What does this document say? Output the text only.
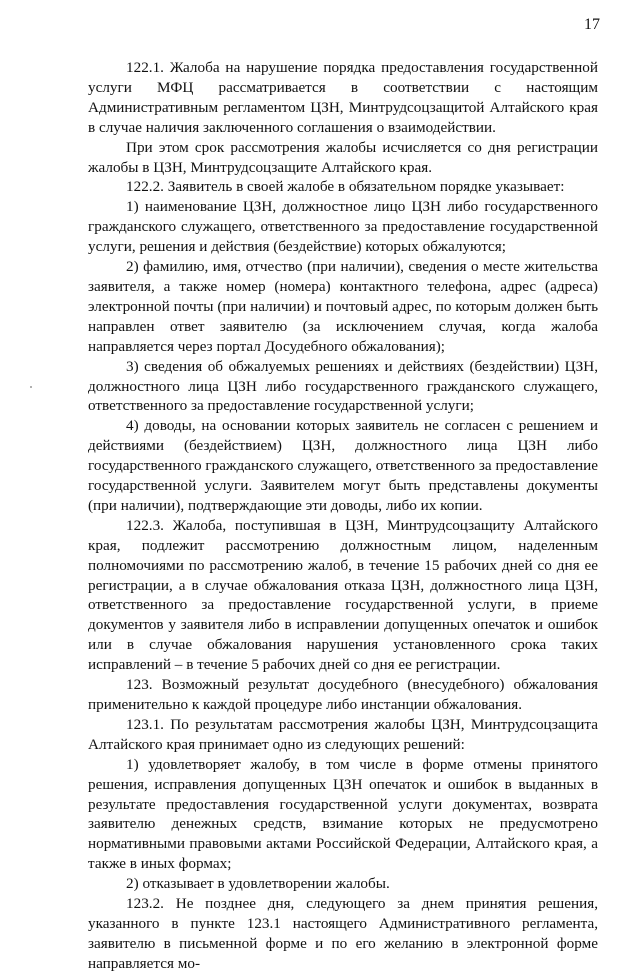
17

122.1. Жалоба на нарушение порядка предоставления государственной услуги МФЦ рассматривается в соответствии с настоящим Административным регламентом ЦЗН, Минтрудсоцзащитой Алтайского края в случае наличия заключенного соглашения о взаимодействии.

При этом срок рассмотрения жалобы исчисляется со дня регистрации жалобы в ЦЗН, Минтрудсоцзащите Алтайского края.

122.2. Заявитель в своей жалобе в обязательном порядке указывает:

1) наименование ЦЗН, должностное лицо ЦЗН либо государственного гражданского служащего, ответственного за предоставление государственной услуги, решения и действия (бездействие) которых обжалуются;

2) фамилию, имя, отчество (при наличии), сведения о месте жительства заявителя, а также номер (номера) контактного телефона, адрес (адреса) электронной почты (при наличии) и почтовый адрес, по которым должен быть направлен ответ заявителю (за исключением случая, когда жалоба направляется через портал Досудебного обжалования);

3) сведения об обжалуемых решениях и действиях (бездействии) ЦЗН, должностного лица ЦЗН либо государственного гражданского служащего, ответственного за предоставление государственной услуги;

4) доводы, на основании которых заявитель не согласен с решением и действиями (бездействием) ЦЗН, должностного лица ЦЗН либо государственного гражданского служащего, ответственного за предоставление государственной услуги. Заявителем могут быть представлены документы (при наличии), подтверждающие эти доводы, либо их копии.

122.3. Жалоба, поступившая в ЦЗН, Минтрудсоцзащиту Алтайского края, подлежит рассмотрению должностным лицом, наделенным полномочиями по рассмотрению жалоб, в течение 15 рабочих дней со дня ее регистрации, а в случае обжалования отказа ЦЗН, должностного лица ЦЗН, ответственного за предоставление государственной услуги, в приеме документов у заявителя либо в исправлении допущенных опечаток и ошибок или в случае обжалования нарушения установленного срока таких исправлений – в течение 5 рабочих дней со дня ее регистрации.

123. Возможный результат досудебного (внесудебного) обжалования применительно к каждой процедуре либо инстанции обжалования.

123.1. По результатам рассмотрения жалобы ЦЗН, Минтрудсоцзащита Алтайского края принимает одно из следующих решений:

1) удовлетворяет жалобу, в том числе в форме отмены принятого решения, исправления допущенных ЦЗН опечаток и ошибок в выданных в результате предоставления государственной услуги документах, возврата заявителю денежных средств, взимание которых не предусмотрено нормативными правовыми актами Российской Федерации, Алтайского края, а также в иных формах;

2) отказывает в удовлетворении жалобы.

123.2. Не позднее дня, следующего за днем принятия решения, указанного в пункте 123.1 настоящего Административного регламента, заявителю в письменной форме и по его желанию в электронной форме направляется мо-
